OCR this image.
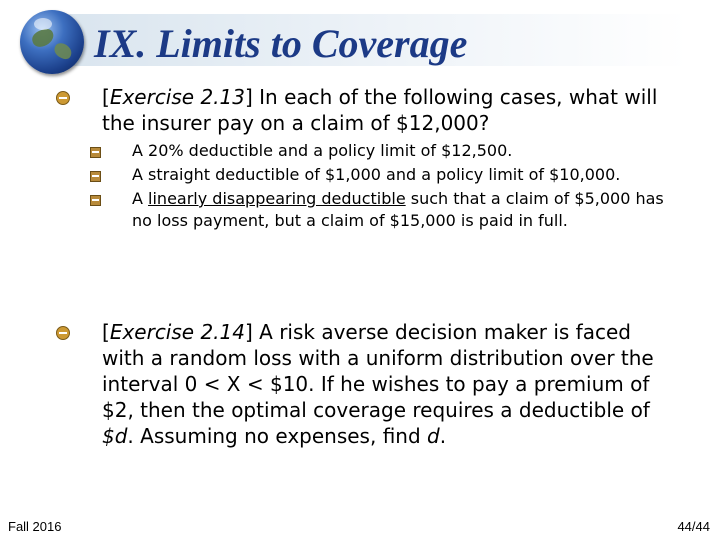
IX. Limits to Coverage

[Exercise 2.13] In each of the following cases, what will the insurer pay on a claim of $12,000?

A 20% deductible and a policy limit of $12,500.

A straight deductible of $1,000 and a policy limit of $10,000.

A linearly disappearing deductible such that a claim of $5,000 has no loss payment, but a claim of $15,000 is paid in full.

[Exercise 2.14] A risk averse decision maker is faced with a random loss with a uniform distribution over the interval 0 < X < $10. If he wishes to pay a premium of $2, then the optimal coverage requires a deductible of $d. Assuming no expenses, find d.

Fall 2016	44/44
